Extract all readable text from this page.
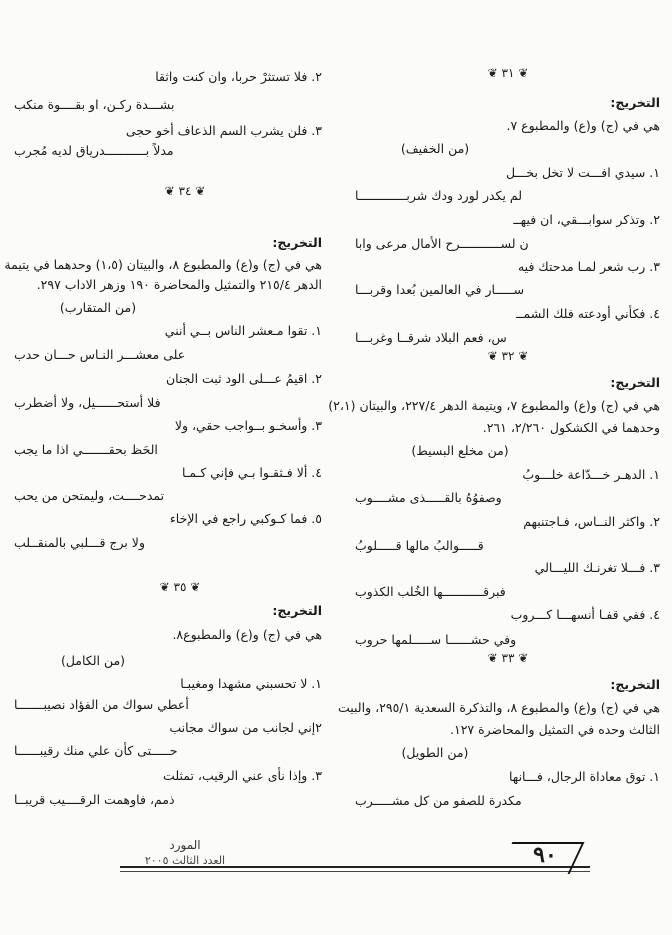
٢. فلا تستثرْ حربا، وان كنت واثقا
بشـــدة ركـن، او بقــــوة منكب
٣. فلن يشرب السم الذعاف أخو حجى
مدلاً بـــــــــــدرياق لديه مُجرب
❦ ٣٤ ❦
التخريج:
هي في (ج) و(ع) والمطبوع ٨، والبيتان (١،٥) وحدهما في يتيمة
الدهر ٢١٥/٤ والتمثيل والمحاضرة ١٩٠ وزهر الاداب ٢٩٧.
(من المتقارب)
١. تقوا مـعشر الناس بــي أنني
على معشـــر النـاس حـــان حدب
٢. اقيمُ عـــلى الود ثبت الجنان
فلا أستحــــــيل، ولا أضطرب
٣. وأسخـو بــواجب حقي، ولا
الحَظ بحقـــــــي اذا ما يجب
٤. ألا فـثقـوا بـي فإني كـمـا
تمدحــــت، وليمتحن من يحب
٥. فما كـوكبي راجع في الإخاء
ولا برج قـــلبي بالمنقــلب
❦ ٣٥ ❦
التخريج:
هي في (ج) و(ع) والمطبوع٨.
(من الكامل)
١. لا تحسبني مشهدا ومغيبـا
أعطي سواك من الفؤاد نصيبـــــــا
٢إني لجانب من سواك مجانب
حـــــتى كأن علي منك رقيبــــــا
٣. وإذا نأى عني الرقيب، تمثلت
ذمم، فاوهمت الرقــــيب قريبــا
❦ ٣١ ❦
التخريج:
هي في (ج) و(ع) والمطبوع ٧.
(من الخفيف)
١. سيدي افـــت لا تخل بخـــل
لم يكدر لورد ودك شربـــــــــــــا
٢. وتذكر سوابـــقي، ان فيهــ
ن لســـــــــــرح الأمال مرعى وابا
٣. رب شعر لمـا مدحتك فيه
ســـــار في العالمين بُعدا وقربـــا
٤. فكأني أودعته فلك الشمــ
س، فعم البلاد شرقــا وغربـــا
❦ ٣٢ ❦
التخريج:
هي في (ج) و(ع) والمطبوع ٧، ويتيمة الدهر ٢٢٧/٤، والبيتان (٢،١)
وحدهما في الكشكول ٢/٢٦٠، ٢٦١.
(من مخلع البسيط)
١. الدهـر خـــدّاعة خلـــوبُ
وصفوُهُ بالقـــــذى مشــــوب
٢. واكثر النــاس، فـاجتنبهم
قـــــوالبُ مالها قـــــلوبُ
٣. فـــلا تغرنـك الليـــالي
فبرقـــــــــــها الخُلب الكذوب
٤. ففي قفـا أنسهـــا كـــروب
وفي حشــــــا ســـــلمها حروب
❦ ٣٣ ❦
التخريج:
هي في (ج) و(ع) والمطبوع ٨، والتذكرة السعدية ٢٩٥/١، والبيت
الثالث وحده في التمثيل والمحاضرة ١٢٧.
(من الطويل)
١. توق معاداة الرجال، فـــانها
مكدرة للصفو من كل مشـــــرب
٩٠
المورد
العدد الثالث ٢٠٠٥
